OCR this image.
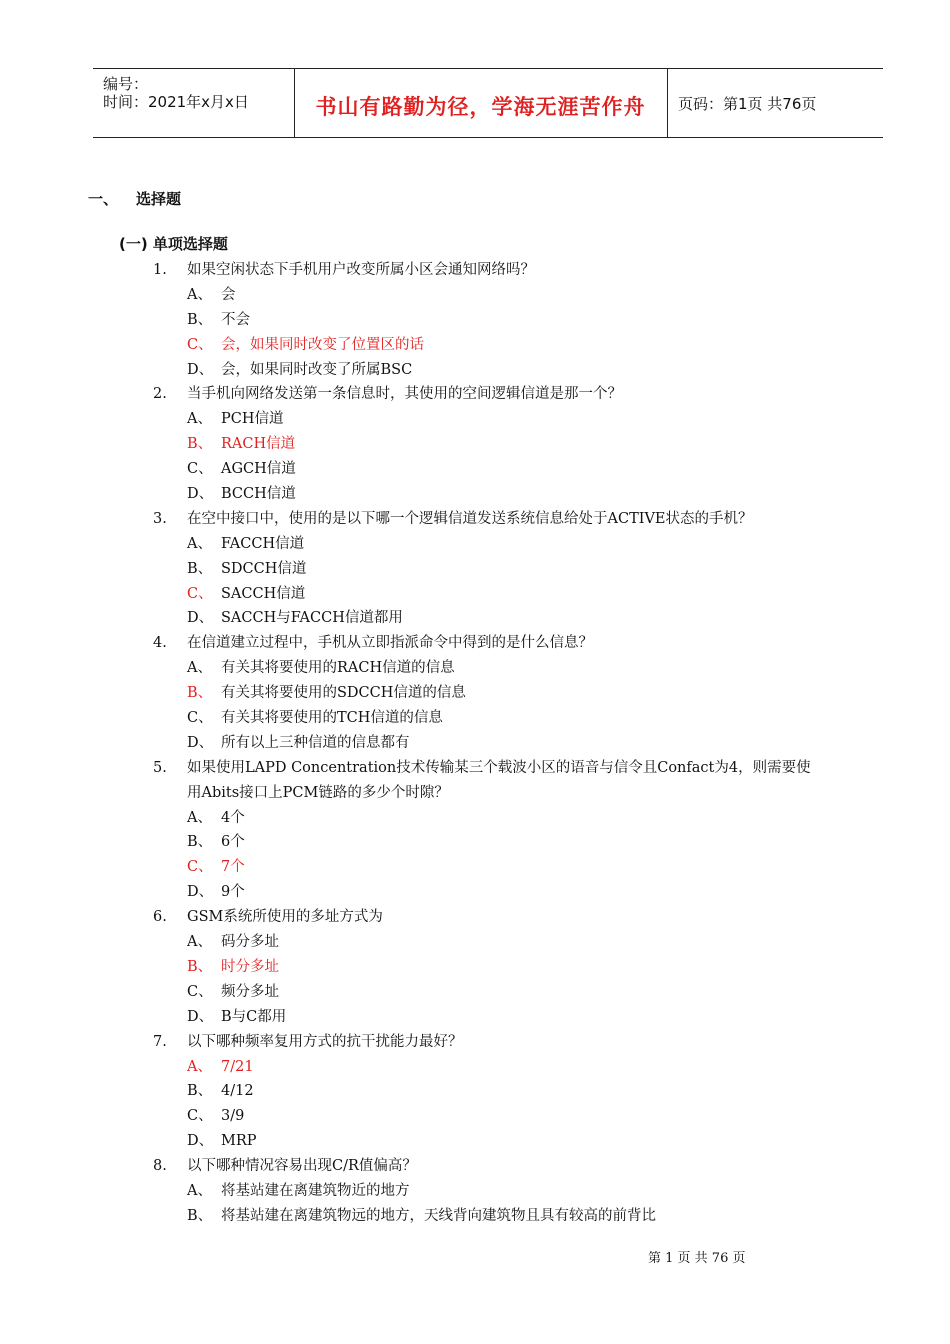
编号：
时间：2021年x月x日	书山有路勤为径，学海无涯苦作舟	页码：第1页 共76页
一、 选择题
(一) 单项选择题
1. 如果空闲状态下手机用户改变所属小区会通知网络吗？
A、 会
B、 不会
C、 会，如果同时改变了位置区的话
D、 会，如果同时改变了所属BSC
2. 当手机向网络发送第一条信息时，其使用的空间逻辑信道是那一个？
A、 PCH信道
B、 RACH信道
C、 AGCH信道
D、 BCCH信道
3. 在空中接口中，使用的是以下哪一个逻辑信道发送系统信息给处于ACTIVE状态的手机？
A、 FACCH信道
B、 SDCCH信道
C、 SACCH信道
D、 SACCH与FACCH信道都用
4. 在信道建立过程中，手机从立即指派命令中得到的是什么信息？
A、 有关其将要使用的RACH信道的信息
B、 有关其将要使用的SDCCH信道的信息
C、 有关其将要使用的TCH信道的信息
D、 所有以上三种信道的信息都有
5. 如果使用LAPD Concentration技术传输某三个载波小区的语音与信令且Confact为4，则需要使
用Abits接口上PCM链路的多少个时隙？
A、 4个
B、 6个
C、 7个
D、 9个
6. GSM系统所使用的多址方式为
A、 码分多址
B、 时分多址
C、 频分多址
D、 B与C都用
7. 以下哪种频率复用方式的抗干扰能力最好？
A、 7/21
B、 4/12
C、 3/9
D、 MRP
8. 以下哪种情况容易出现C/R值偏高？
A、 将基站建在离建筑物近的地方
B、 将基站建在离建筑物远的地方，天线背向建筑物且具有较高的前背比
第 1 页 共 76 页
